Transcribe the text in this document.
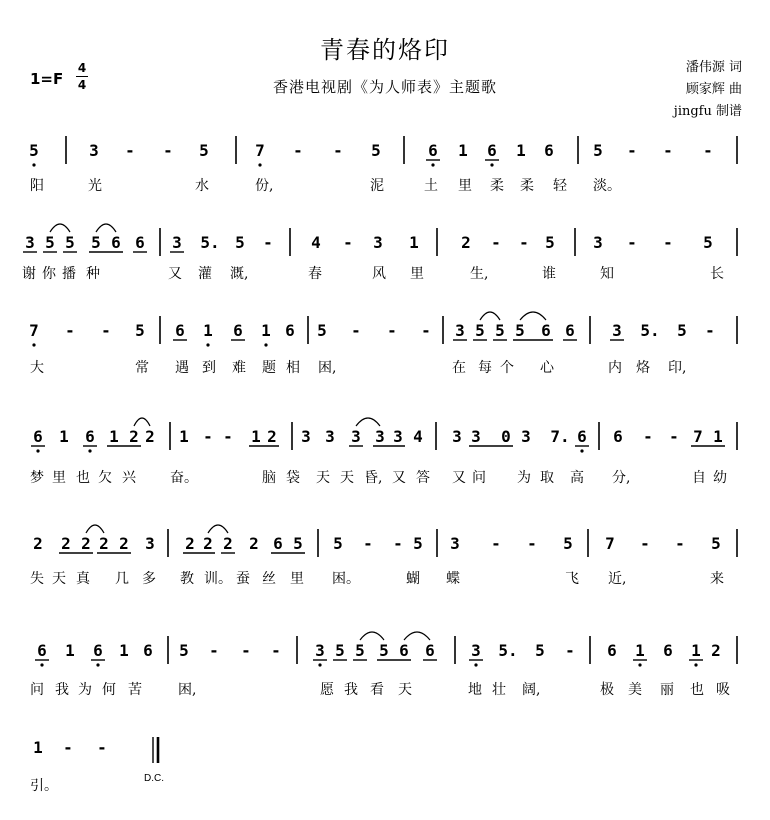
青春的烙印
香港电视剧《为人师表》主题歌
1=F
4
4
潘伟源 词
顾家辉 曲
jingfu 制谱
5	3 - - 5	7 - - 5	6 1 6 1 6 5 - - -
阳	光	水	份,	泥	土 里 柔 柔 轻 淡。
3 5 5 5 6 6 3 5. 5 - 4 - 3 1	2 - - 5 3 - - 5
谢 你 播 种	又 灌 溉,	春	风 里	生,	谁	知	长
7 - - 5 6 1 6 1 6 5 - - - 3 5 5 5 6 6 3 5. 5 -
大	常 遇 到 难 题 相 困,	在 每 个 心	内 烙 印,
6 1 6 1 2 2 1 - - 1 2 3 3 3 3 3 4 3 3 0 3 7. 6 6 - - 7 1
梦 里 也 欠 兴 奋。	脑 袋 天 天 昏, 又 答 又 问 为 取 高 分,	自 幼
2 2 2 2 2 3 2 2 2 2 6 5 5 - - 5 3 - - 5 7 - - 5
失 天 真 几 多 教 训。 蚕 丝 里 困。	蝴 蝶	飞 近,	来
6 1 6 1 6 5 - - - 3 5 5 5 6 6 3 5. 5 - 6 1 6 1 2
问 我 为 何 苦	困,	愿 我 看 天	地 壮 阔,	极 美 丽 也 吸
1 - -
引。	D.C.
